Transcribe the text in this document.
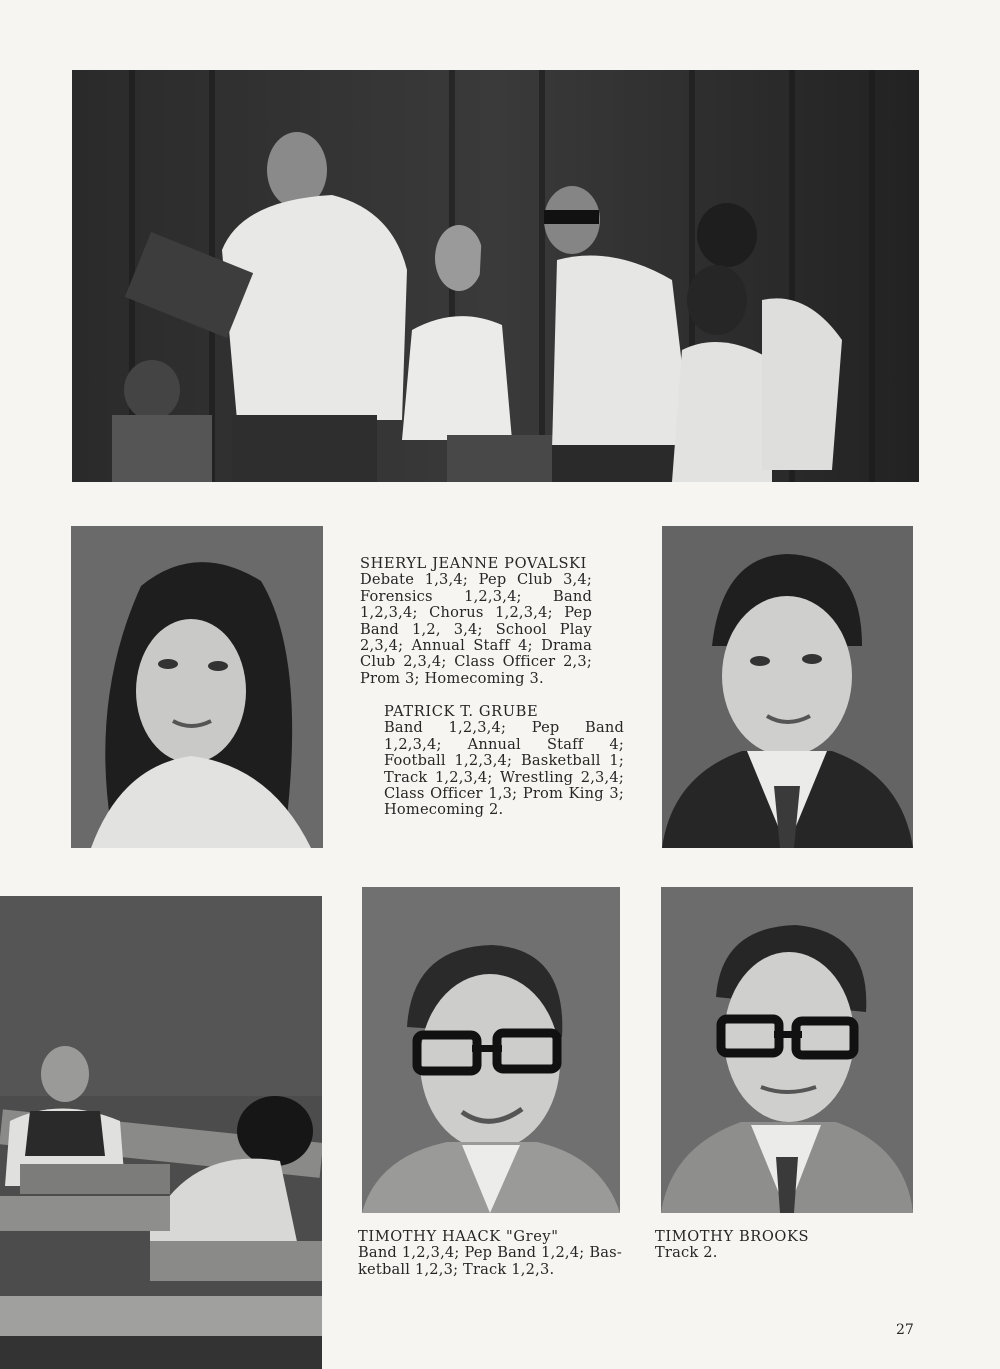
SHERYL JEANNE POVALSKI
Debate 1,3,4; Pep Club 3,4; Forensics 1,2,3,4; Band 1,2,3,4; Chorus 1,2,3,4; Pep Band 1,2, 3,4; School Play 2,3,4; Annual Staff 4; Drama Club 2,3,4; Class Officer 2,3; Prom 3; Homecoming 3.
PATRICK T. GRUBE
Band 1,2,3,4; Pep Band 1,2,3,4; Annual Staff 4; Football 1,2,3,4; Basketball 1; Track 1,2,3,4; Wrestling 2,3,4; Class Officer 1,3; Prom King 3; Homecoming 2.
TIMOTHY HAACK "Grey"
Band 1,2,3,4; Pep Band 1,2,4; Bas-ketball 1,2,3; Track 1,2,3.
TIMOTHY BROOKS
Track 2.
27
